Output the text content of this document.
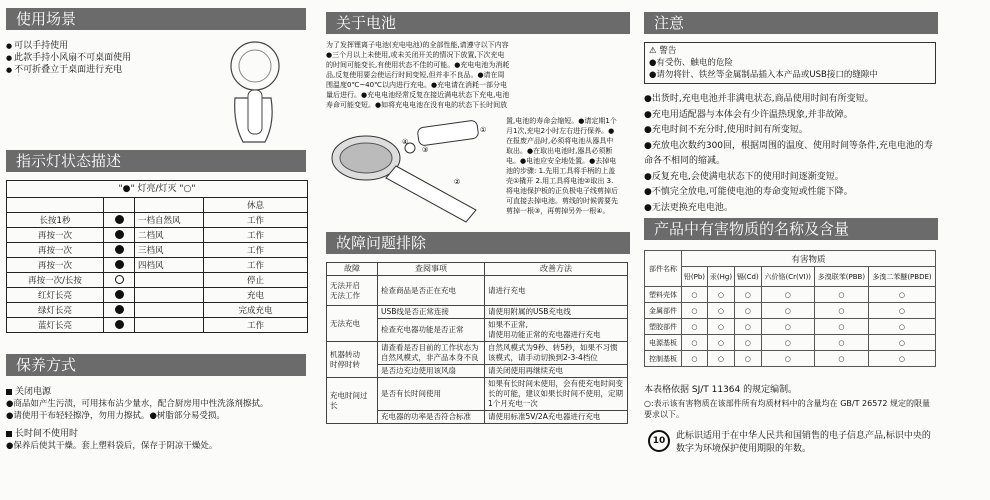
使用场景
● 可以手持使用
● 此款手持小风扇不可桌面使用
● 不可折叠立于桌面进行充电
指示灯状态描述
"●" 灯亮/灯灭 "○"
			休息
长按1秒		一档自然风	工作
再按一次		二档风	工作
再按一次		三档风	工作
再按一次		四档风	工作
再按一次/长按			停止
红灯长亮			充电
绿灯长亮			完成充电
蓝灯长亮			工作
保养方式
关闭电源
●商品如产生污渍，可用抹布沾少量水，配合厨房用中性洗涤剂擦拭。
●请使用干布轻轻擦净，勿用力擦拭。●树脂部分易受损。
长时间不使用时
●保养后使其干燥。套上塑料袋后，保存于阴凉干燥处。
关于电池
为了发挥锂离子电池(充电电池)的全部性能,请遵守以下内容
●三个月以上未使用,或未关闭开关的情况下放置,下次充电的时间可能变长,有使用状态不佳的可能。●充电电池为消耗品,反复使用要会使运行时间变短,但并非不良品。●请在周围温度0℃~40℃以内进行充电。●充电请在消耗一部分电量后进行。●充电电池经常反复在接近满电状态下充电,电池寿命可能变短。●如将充电电池在没有电的状态下长时间放置,电池的寿命会缩短。●请定期1个月1次,充电2小时左右进行保养。●在报废产品时,必须将电池从器具中取出。●在取出电池时,器具必须断电。●电池应安全地处置。●去掉电池的步骤: 1.先用工具将手柄的上盖壳①撬开 2.用工具将电池②取出 3.将电池保护板的正负极电子线剪掉后可直接去掉电池。剪线的时候需要先剪掉一根③，再剪掉另外一根④。
④
③
②
①
故障问题排除
故障	查阅事项	改善方法
无法开启
无法工作	检查商品是否正在充电	请进行充电
无法充电	USB线是否正常连接	请使用附属的USB充电线
	检查充电器功能是否正常	如果不正常,
请使用功能正常的充电器进行充电
机器转动
时停时转	请查看是否目前的工作状态为自然风模式，非产品本身不良	自然风模式为9秒、转5秒，如果不习惯该模式，请手动切换到2-3-4档位
	是否边充边使用该风扇	请关闭使用再继续充电
充电时间过长	是否有长时间使用	如果有长时间未使用，会有使充电时间变长的可能，建议如果长时间不使用，定期1个月充电一次
	充电器的功率是否符合标准	请使用标准5V/2A充电器进行充电
注意
⚠ 警告
●有受伤、触电的危险
●请勿将针、铁丝等金属制品插入本产品或USB接口的缝隙中
●出货时,充电电池并非满电状态,商品使用时间有所变短。
●充电用适配器与本体会有少许温热现象,并非故障。
●充电时间不充分时,使用时间有所变短。
●充放电次数约300回，根据周围的温度、使用时间等条件,充电电池的寿命各不相同的缩减。
●反复充电,会使满电状态下的使用时间逐渐变短。
●不慎完全放电,可能使电池的寿命变短或性能下降。
●无法更换充电电池。
产品中有害物质的名称及含量
部件名称	有害物质					
	铅(Pb)	汞(Hg)	镉(Cd)	六价铬(Cr(VI))	多溴联苯(PBB)	多溴二苯醚(PBDE)
塑料壳体	○	○	○	○	○	○
金属部件	○	○	○	○	○	○
塑胶部件	○	○	○	○	○	○
电源基板	○	○	○	○	○	○
控制基板	○	○	○	○	○	○
本表格依据 SJ/T 11364 的规定编制。
○:表示该有害物质在该部件所有均质材料中的含量均在 GB/T 26572 规定的限量要求以下。
10	此标识适用于在中华人民共和国销售的电子信息产品,标识中央的数字为环境保护使用期限的年数。
